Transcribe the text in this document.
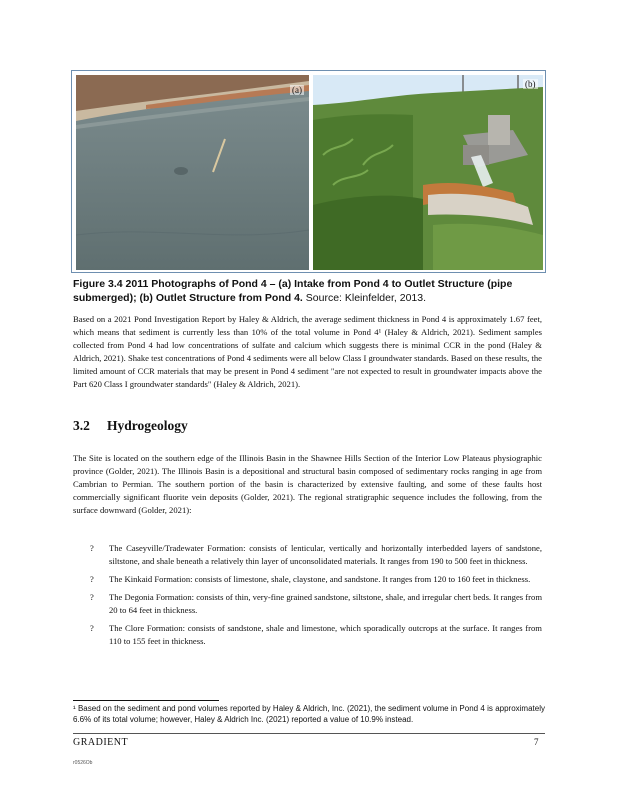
(a)
(b)
Figure 3.4 2011 Photographs of Pond 4 – (a) Intake from Pond 4 to Outlet Structure (pipe submerged); (b) Outlet Structure from Pond 4. Source: Kleinfelder, 2013.

Based on a 2021 Pond Investigation Report by Haley & Aldrich, the average sediment thickness in Pond 4 is approximately 1.67 feet, which means that sediment is currently less than 10% of the total volume in Pond 4¹ (Haley & Aldrich, 2021). Sediment samples collected from Pond 4 had low concentrations of sulfate and calcium which suggests there is minimal CCR in the pond (Haley & Aldrich, 2021). Shake test concentrations of Pond 4 sediments were all below Class I groundwater standards. Based on these results, the limited amount of CCR materials that may be present in Pond 4 sediment "are not expected to result in groundwater impacts above the Part 620 Class I groundwater standards" (Haley & Aldrich, 2021).

3.2 Hydrogeology

The Site is located on the southern edge of the Illinois Basin in the Shawnee Hills Section of the Interior Low Plateaus physiographic province (Golder, 2021). The Illinois Basin is a depositional and structural basin composed of sedimentary rocks ranging in age from Cambrian to Permian. The southern portion of the basin is characterized by extensive faulting, and some of these faults host commercially significant fluorite vein deposits (Golder, 2021). The regional stratigraphic sequence includes the following, from the surface downward (Golder, 2021):

? The Caseyville/Tradewater Formation: consists of lenticular, vertically and horizontally interbedded layers of sandstone, siltstone, and shale beneath a relatively thin layer of unconsolidated materials. It ranges from 190 to 500 feet in thickness.
? The Kinkaid Formation: consists of limestone, shale, claystone, and sandstone. It ranges from 120 to 160 feet in thickness.
? The Degonia Formation: consists of thin, very-fine grained sandstone, siltstone, shale, and irregular chert beds. It ranges from 20 to 64 feet in thickness.
? The Clore Formation: consists of sandstone, shale and limestone, which sporadically outcrops at the surface. It ranges from 110 to 155 feet in thickness.

¹ Based on the sediment and pond volumes reported by Haley & Aldrich, Inc. (2021), the sediment volume in Pond 4 is approximately 6.6% of its total volume; however, Haley & Aldrich Inc. (2021) reported a value of 10.9% instead.

GRADIENT	7
r0526Ob
